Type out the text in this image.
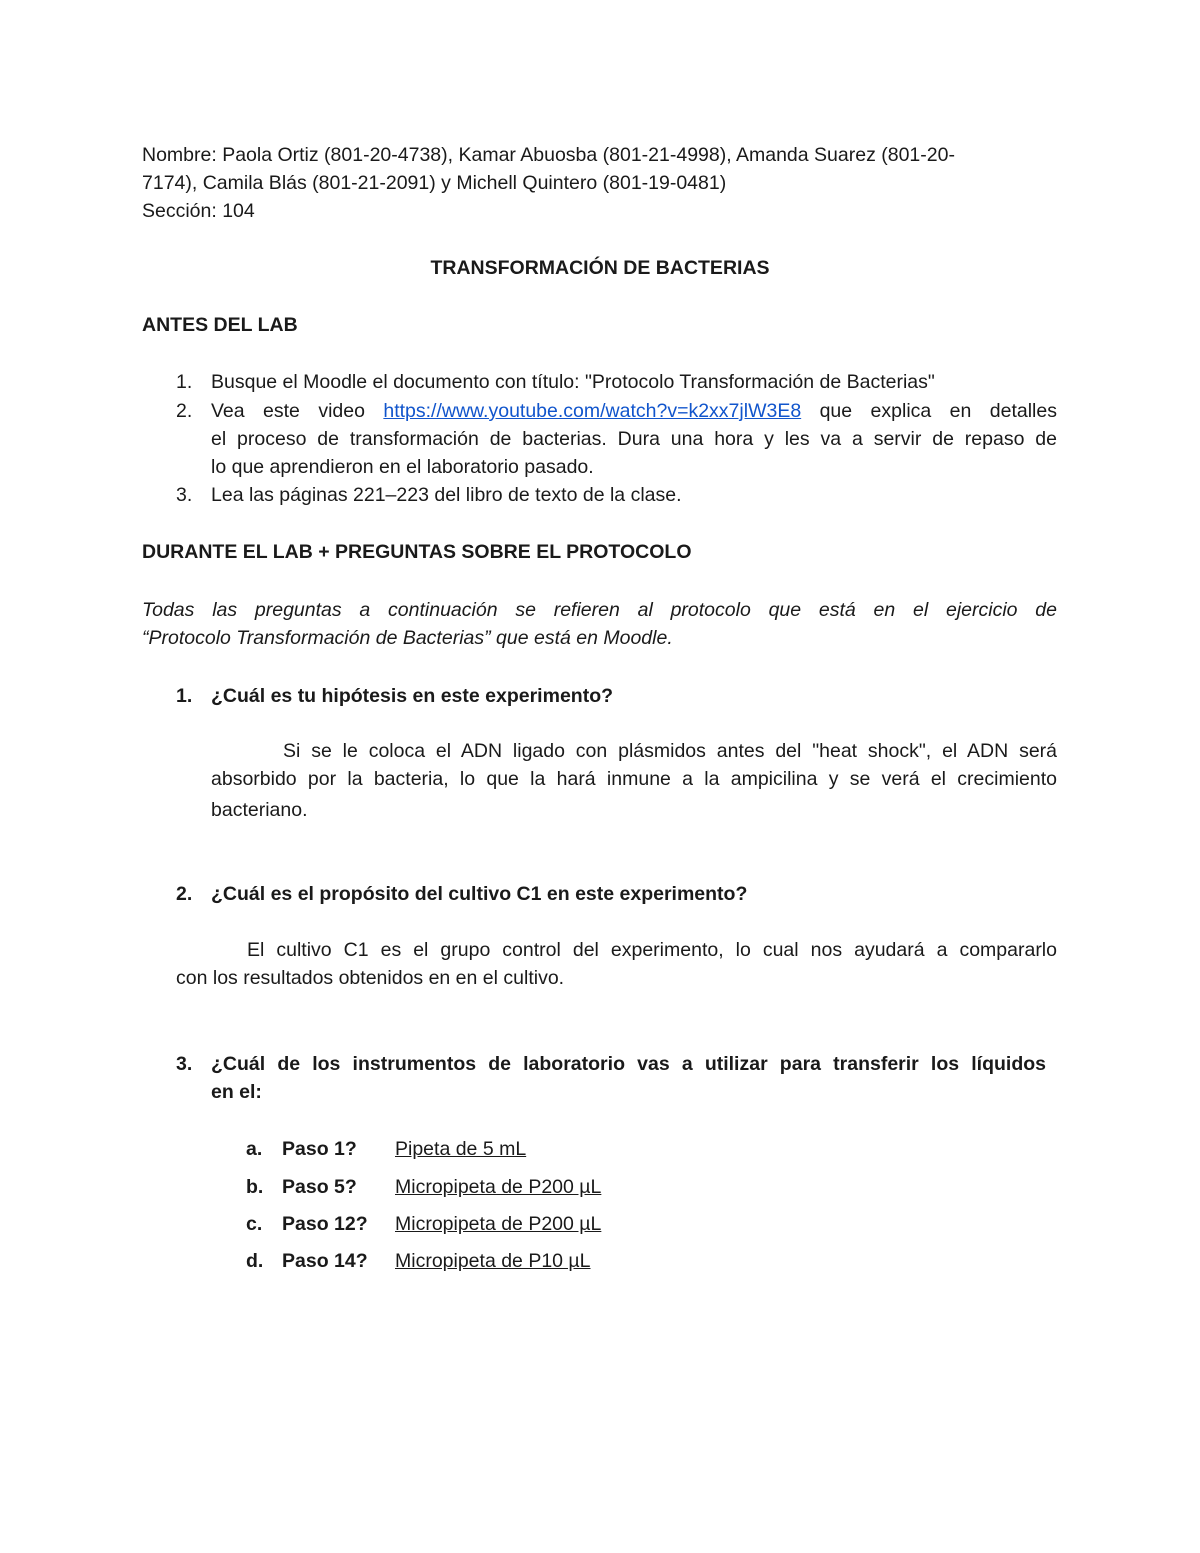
Nombre: Paola Ortiz (801-20-4738), Kamar Abuosba (801-21-4998), Amanda Suarez (801-20-
7174), Camila Blás (801-21-2091) y Michell Quintero (801-19-0481)
Sección: 104
TRANSFORMACIÓN DE BACTERIAS
ANTES DEL LAB
1. Busque el Moodle el documento con título: "Protocolo Transformación de Bacterias"
2. Vea este video https://www.youtube.com/watch?v=k2xx7jlW3E8 que explica en detalles
el proceso de transformación de bacterias. Dura una hora y les va a servir de repaso de
lo que aprendieron en el laboratorio pasado.
3. Lea las páginas 221–223 del libro de texto de la clase.
DURANTE EL LAB + PREGUNTAS SOBRE EL PROTOCOLO
Todas las preguntas a continuación se refieren al protocolo que está en el ejercicio de
“Protocolo Transformación de Bacterias” que está en Moodle.
1. ¿Cuál es tu hipótesis en este experimento?
Si se le coloca el ADN ligado con plásmidos antes del "heat shock", el ADN será
absorbido por la bacteria, lo que la hará inmune a la ampicilina y se verá el crecimiento
bacteriano.
2. ¿Cuál es el propósito del cultivo C1 en este experimento?
El cultivo C1 es el grupo control del experimento, lo cual nos ayudará a compararlo
con los resultados obtenidos en en el cultivo.
3. ¿Cuál de los instrumentos de laboratorio vas a utilizar para transferir los líquidos
en el:
a. Paso 1? Pipeta de 5 mL
b. Paso 5? Micropipeta de P200 µL
c. Paso 12? Micropipeta de P200 µL
d. Paso 14? Micropipeta de P10 µL
